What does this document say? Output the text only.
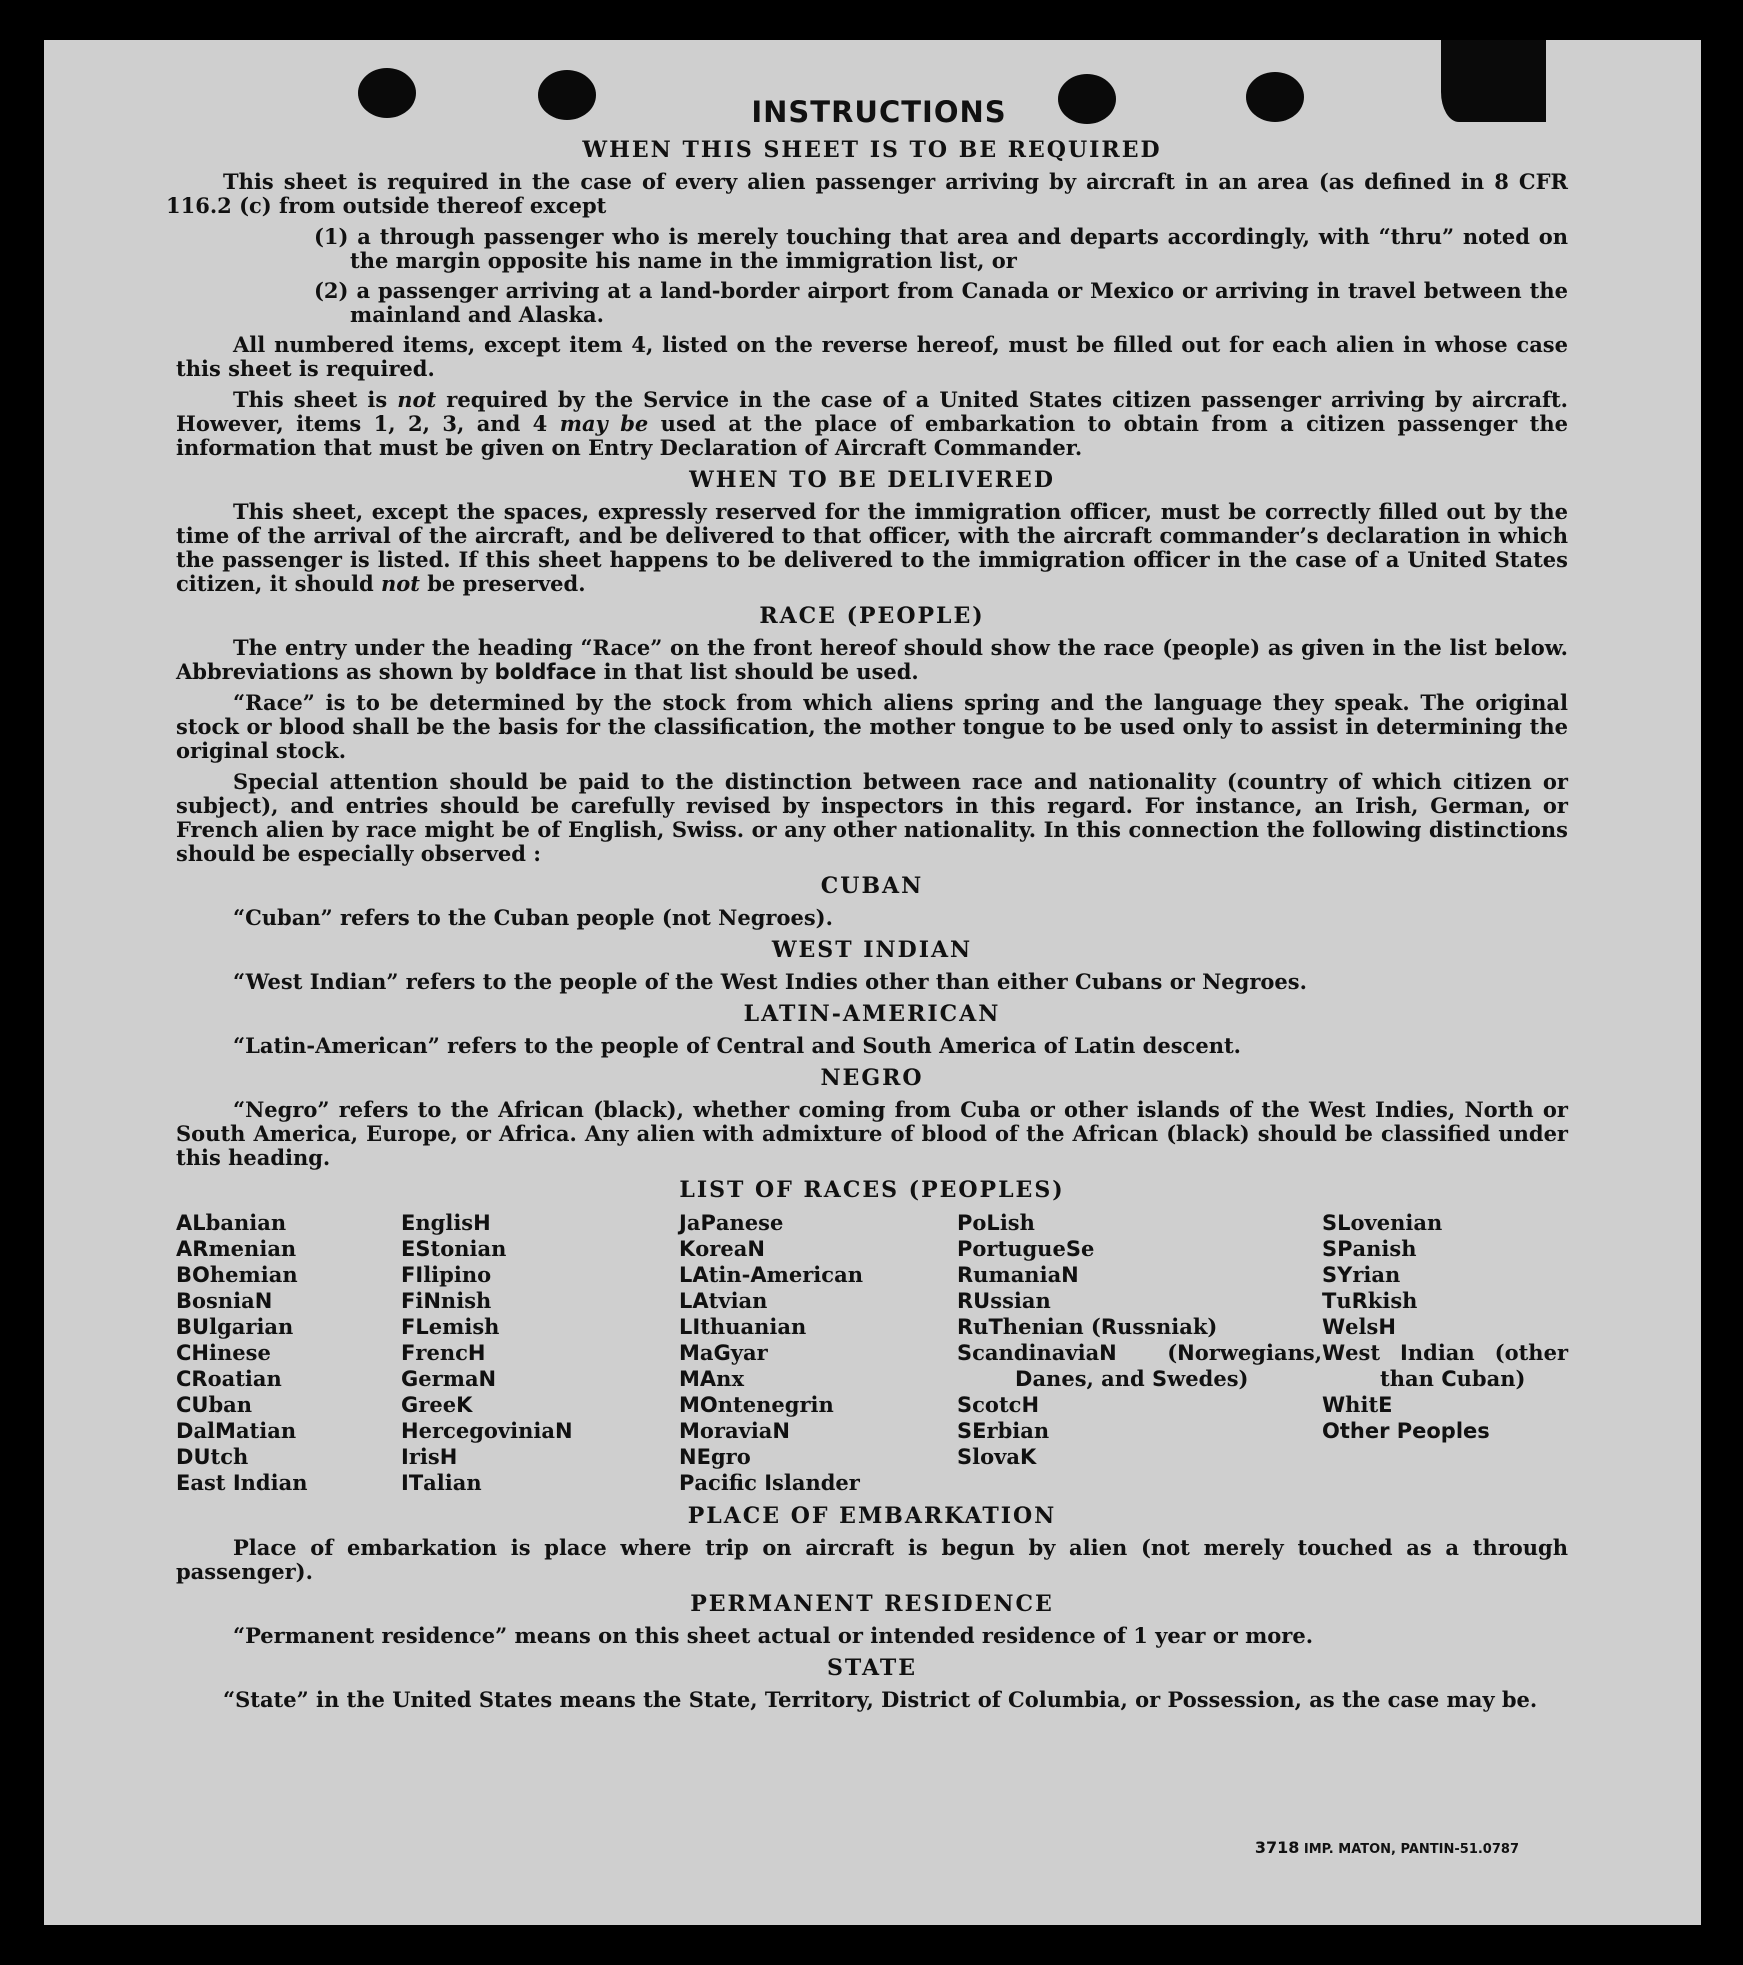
INSTRUCTIONS
WHEN THIS SHEET IS TO BE REQUIRED

This sheet is required in the case of every alien passenger arriving by aircraft in an area (as defined in 8 CFR 116.2 (c) from outside thereof except

(1) a through passenger who is merely touching that area and departs accordingly, with “thru” noted on the margin opposite his name in the immigration list, or
(2) a passenger arriving at a land-border airport from Canada or Mexico or arriving in travel between the mainland and Alaska.

All numbered items, except item 4, listed on the reverse hereof, must be filled out for each alien in whose case this sheet is required.

This sheet is not required by the Service in the case of a United States citizen passenger arriving by aircraft. However, items 1, 2, 3, and 4 may be used at the place of embarkation to obtain from a citizen passenger the information that must be given on Entry Declaration of Aircraft Commander.

WHEN TO BE DELIVERED

This sheet, except the spaces, expressly reserved for the immigration officer, must be correctly filled out by the time of the arrival of the aircraft, and be delivered to that officer, with the aircraft commander’s declaration in which the passenger is listed. If this sheet happens to be delivered to the immigration officer in the case of a United States citizen, it should not be preserved.

RACE (PEOPLE)

The entry under the heading “Race” on the front hereof should show the race (people) as given in the list below. Abbreviations as shown by boldface in that list should be used.

“Race” is to be determined by the stock from which aliens spring and the language they speak. The original stock or blood shall be the basis for the classification, the mother tongue to be used only to assist in determining the original stock.

Special attention should be paid to the distinction between race and nationality (country of which citizen or subject), and entries should be carefully revised by inspectors in this regard. For instance, an Irish, German, or French alien by race might be of English, Swiss. or any other nationality. In this connection the following distinctions should be especially observed :

CUBAN

“Cuban” refers to the Cuban people (not Negroes).

WEST INDIAN

“West Indian” refers to the people of the West Indies other than either Cubans or Negroes.

LATIN-AMERICAN

“Latin-American” refers to the people of Central and South America of Latin descent.

NEGRO

“Negro” refers to the African (black), whether coming from Cuba or other islands of the West Indies, North or South America, Europe, or Africa. Any alien with admixture of blood of the African (black) should be classified under this heading.

LIST OF RACES (PEOPLES)
ALbanian
ARmenian
BOhemian
BosniaN
BUlgarian
CHinese
CRoatian
CUban
DalMatian
DUtch
East Indian
EnglisH
EStonian
FIlipino
FiNnish
FLemish
FrencH
GermaN
GreeK
HercegoviniaN
IrisH
ITalian
JaPanese
KoreaN
LAtin-American
LAtvian
LIthuanian
MaGyar
MAnx
MOntenegrin
MoraviaN
NEgro
Pacifc Islander
PoLish
PortugueSe
RumaniaN
RUssian
RuThenian (Russniak)
ScandinaviaN (Norwegians, Danes, and Swedes)
ScotcH
SErbian
SlovaK
SLovenian
SPanish
SYrian
TuRkish
WelsH
West Indian (other than Cuban)
WhitE
Other Peoples
PLACE OF EMBARKATION

Place of embarkation is place where trip on aircraft is begun by alien (not merely touched as a through passenger).

PERMANENT RESIDENCE

“Permanent residence” means on this sheet actual or intended residence of 1 year or more.

STATE

“State” in the United States means the State, Territory, District of Columbia, or Possession, as the case may be.

3718 IMP. MATON, PANTIN-51.0787
